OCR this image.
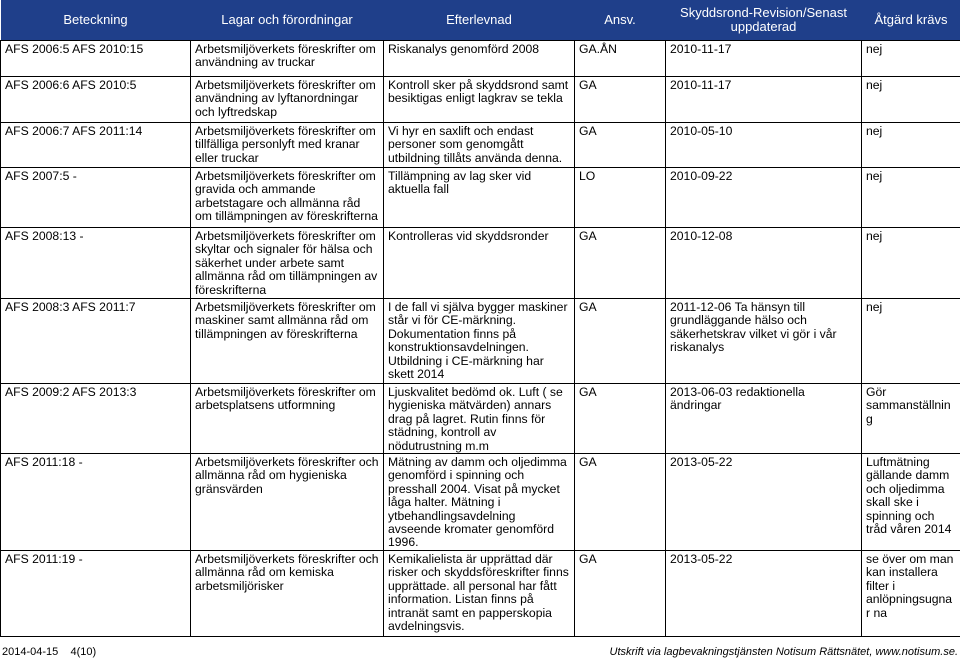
Beteckning	Lagar och förordningar	Efterlevnad	Ansv.	Skyddsrond-Revision/Senast uppdaterad	Åtgärd krävs
AFS 2006:5 AFS 2010:15	Arbetsmiljöverkets föreskrifter om användning av truckar	Riskanalys genomförd 2008	GA.ÅN	2010-11-17	nej
AFS 2006:6 AFS 2010:5	Arbetsmiljöverkets föreskrifter om användning av lyftanordningar och lyftredskap	Kontroll sker på skyddsrond samt besiktigas enligt lagkrav se tekla	GA	2010-11-17	nej
AFS 2006:7 AFS 2011:14	Arbetsmiljöverkets föreskrifter om tillfälliga personlyft med kranar eller truckar	Vi hyr en saxlift och endast personer som genomgått utbildning tillåts använda denna.	GA	2010-05-10	nej
AFS 2007:5 -	Arbetsmiljöverkets föreskrifter om gravida och ammande arbetstagare och allmänna råd om tillämpningen av föreskrifterna	Tillämpning av lag sker vid aktuella fall	LO	2010-09-22	nej
AFS 2008:13 -	Arbetsmiljöverkets föreskrifter om skyltar och signaler för hälsa och säkerhet under arbete samt allmänna råd om tillämpningen av föreskrifterna	Kontrolleras vid skyddsronder	GA	2010-12-08	nej
AFS 2008:3 AFS 2011:7	Arbetsmiljöverkets föreskrifter om maskiner samt allmänna råd om tillämpningen av föreskrifterna	I de fall vi själva bygger maskiner står vi för CE-märkning. Dokumentation finns på konstruktionsavdelningen. Utbildning i CE-märkning har skett 2014	GA	2011-12-06 Ta hänsyn till grundläggande hälso och säkerhetskrav vilket vi gör i vår riskanalys	nej
AFS 2009:2 AFS 2013:3	Arbetsmiljöverkets föreskrifter om arbetsplatsens utformning	Ljuskvalitet bedömd ok. Luft ( se hygieniska mätvärden) annars drag på lagret. Rutin finns för städning, kontroll av nödutrustning m.m	GA	2013-06-03 redaktionella ändringar	Gör sammanställning
AFS 2011:18 -	Arbetsmiljöverkets föreskrifter och allmänna råd om hygieniska gränsvärden	Mätning av damm och oljedimma genomförd i spinning och presshall 2004. Visat på mycket låga halter. Mätning i ytbehandlingsavdelning avseende kromater genomförd 1996.	GA	2013-05-22	Luftmätning gällande damm och oljedimma skall ske i spinning och tråd våren 2014
AFS 2011:19 -	Arbetsmiljöverkets föreskrifter och allmänna råd om kemiska arbetsmiljörisker	Kemikalielista är upprättad där risker och skyddsföreskrifter finns upprättade. all personal har fått information. Listan finns på intranät samt en papperskopia avdelningsvis.	GA	2013-05-22	se över om man kan installera filter i anlöpningsugnar na
2014-04-15 4(10)	Utskrift via lagbevakningstjänsten Notisum Rättsnätet, www.notisum.se.
